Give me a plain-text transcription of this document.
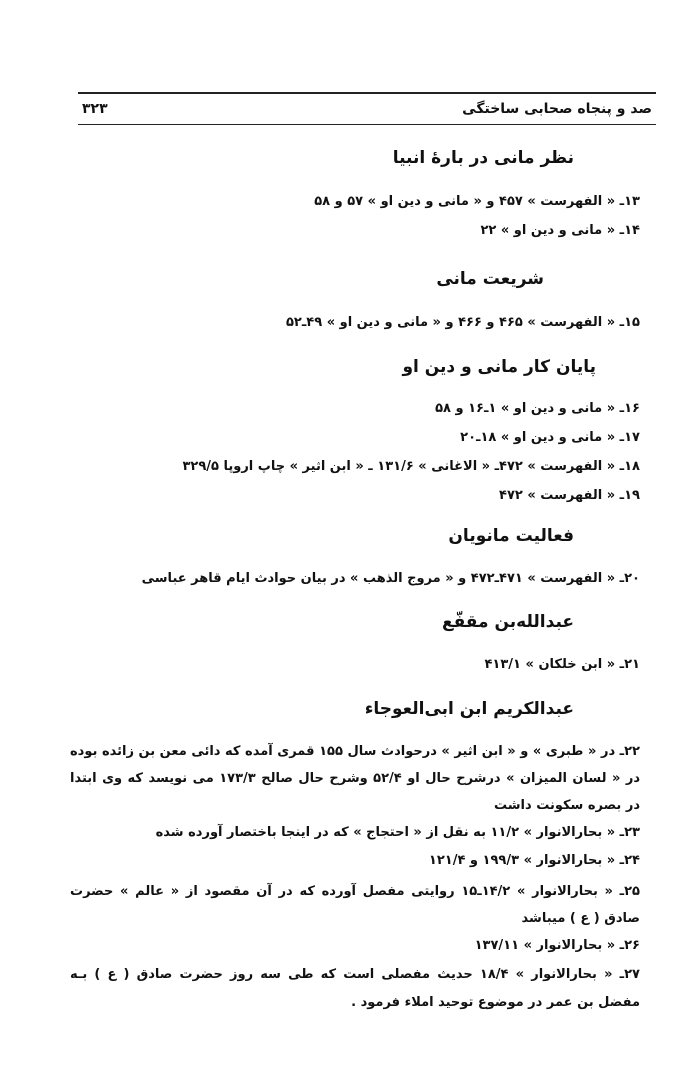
صد و پنجاه صحابی ساختگی
۳۲۳
نظر مانی در بارهٔ انبیا
۱۳ـ « الفهرست » ۴۵۷ و « مانی و دین او » ۵۷ و ۵۸
۱۴ـ « مانی و دین او » ۲۲
شریعت مانی
۱۵ـ « الفهرست » ۴۶۵ و ۴۶۶ و « مانی و دین او » ۴۹ـ۵۲
پایان کار مانی و دین او
۱۶ـ « مانی و دین او » ۱ـ۱۶ و ۵۸
۱۷ـ « مانی و دین او » ۱۸ـ۲۰
۱۸ـ « الفهرست » ۴۷۲ـ « الاغانی » ۱۳۱/۶ ـ « ابن اثیر » چاپ اروپا ۳۲۹/۵
۱۹ـ « الفهرست » ۴۷۲
فعالیت مانویان
۲۰ـ « الفهرست » ۴۷۱ـ۴۷۲ و « مروج الذهب » در بیان حوادث ایام قاهر عباسی
عبدالله‌بن مقفّع
۲۱ـ « ابن خلکان » ۴۱۳/۱
عبدالکریم ابن ابی‌العوجاء
۲۲ـ در « طبری » و « ابن اثیر » درحوادث سال ۱۵۵ قمری آمده که دائی معن بن زائده بوده
در « لسان المیزان » درشرح حال او ۵۲/۴ وشرح حال صالح ۱۷۳/۳ می نویسد که وی ابتدا
در بصره سکونت داشت
۲۳ـ « بحارالانوار » ۱۱/۲ به نقل از « احتجاج » که در اینجا باختصار آورده شده
۲۴ـ « بحارالانوار » ۱۹۹/۳ و ۱۲۱/۴
۲۵ـ « بحارالانوار » ۱۴/۲ـ۱۵ روایتی مفصل آورده که در آن مقصود از « عالم » حضرت
صادق ( ع ) میباشد
۲۶ـ « بحارالانوار » ۱۳۷/۱۱
۲۷ـ « بحارالانوار » ۱۸/۴ حدیث مفصلی است که طی سه روز حضرت صادق ( ع ) بـه
مفضل بن عمر در موضوع توحید املاء فرمود .
